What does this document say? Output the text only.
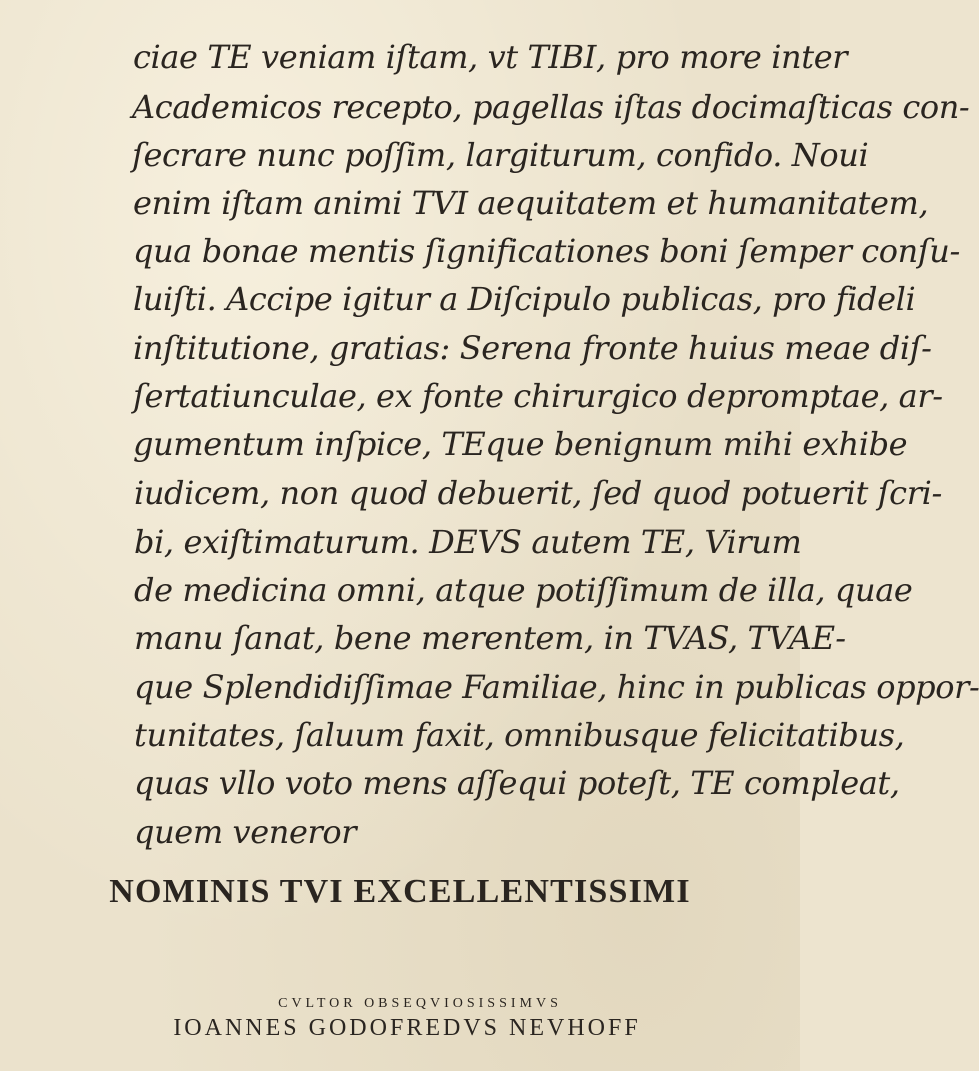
ciae TE veniam iſtam, vt TIBI, pro more inter
Academicos recepto, pagellas iſtas docimaſticas con-
ſecrare nunc poſſim, largiturum, confido. Noui
enim iſtam animi TVI aequitatem et humanitatem,
qua bonae mentis ſignificationes boni ſemper conſu-
luiſti. Accipe igitur a Diſcipulo publicas, pro fideli
inſtitutione, gratias: Serena fronte huius meae diſ-
ſertatiunculae, ex fonte chirurgico depromptae, ar-
gumentum inſpice, TEque benignum mihi exhibe
iudicem, non quod debuerit, ſed quod potuerit ſcri-
bi, exiſtimaturum. DEVS autem TE, Virum
de medicina omni, atque potiſſimum de illa, quae
manu ſanat, bene merentem, in TVAS, TVAE-
que Splendidiſſimae Familiae, hinc in publicas oppor-
tunitates, ſaluum faxit, omnibusque felicitatibus,
quas vllo voto mens aſſequi poteſt, TE compleat,
quem veneror
NOMINIS TVI EXCELLENTISSIMI
CVLTOR OBSEQVIOSISSIMVS
IOANNES GODOFREDVS NEVHOFF
